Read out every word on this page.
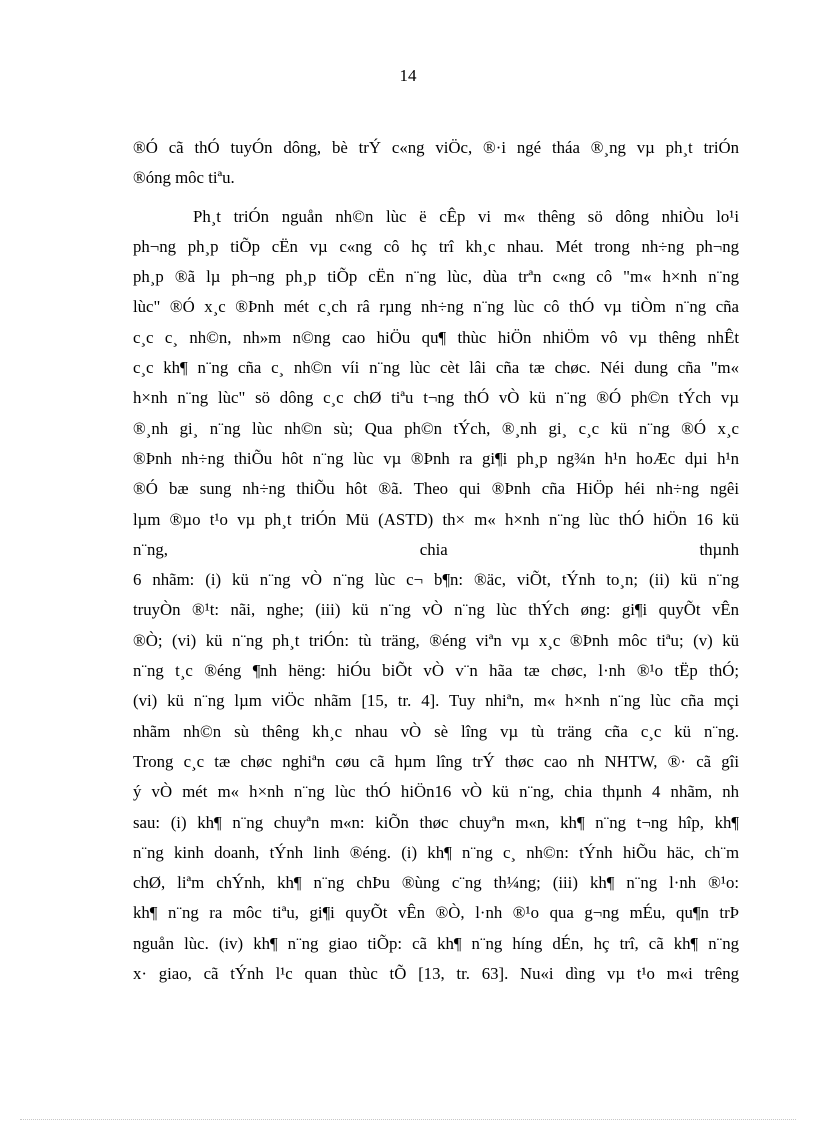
14
®Ó cã thÓ tuyÓn dông, bè trÝ c«ng viÖc, ®·i ngé tháa ®¸ng vµ ph¸t triÓn
®óng môc tiªu.
Ph¸t triÓn nguån nh©n lùc ë cÊp vi m« thêng sö dông nhiÒu lo¹i
ph¬ng ph¸p tiÕp cËn vµ c«ng cô hç trî kh¸c nhau. Mét trong nh÷ng ph¬ng
ph¸p ®ã lµ ph¬ng ph¸p tiÕp cËn n¨ng lùc, dùa trªn c«ng cô "m« h×nh n¨ng
lùc" ®Ó x¸c ®Þnh mét c¸ch râ rµng nh÷ng n¨ng lùc cô thÓ vµ tiÒm n¨ng cña
c¸c c¸ nh©n, nh»m n©ng cao hiÖu qu¶ thùc hiÖn nhiÖm vô vµ thêng nhÊt
c¸c kh¶ n¨ng cña c¸ nh©n víi n¨ng lùc cèt lâi cña tæ chøc. Néi dung cña "m«
h×nh n¨ng lùc" sö dông c¸c chØ tiªu t¬ng thÓ vÒ kü n¨ng ®Ó ph©n tÝch vµ
®¸nh gi¸ n¨ng lùc nh©n sù; Qua ph©n tÝch, ®¸nh gi¸ c¸c kü n¨ng ®Ó x¸c
®Þnh nh÷ng thiÕu hôt n¨ng lùc vµ ®Þnh ra gi¶i ph¸p ng¾n h¹n hoÆc dµi h¹n
®Ó bæ sung nh÷ng thiÕu hôt ®ã. Theo qui ®Þnh cña HiÖp héi nh÷ng ngêi
lµm ®µo t¹o vµ ph¸t triÓn Mü (ASTD) th× m« h×nh n¨ng lùc thÓ hiÖn 16 kü
n¨ng, chia thµnh
6 nhãm: (i) kü n¨ng vÒ n¨ng lùc c¬ b¶n: ®äc, viÕt, tÝnh to¸n; (ii) kü n¨ng
truyÒn ®¹t: nãi, nghe; (iii) kü n¨ng vÒ n¨ng lùc thÝch øng: gi¶i quyÕt vÊn
®Ò; (vi) kü n¨ng ph¸t triÓn: tù träng, ®éng viªn vµ x¸c ®Þnh môc tiªu; (v) kü
n¨ng t¸c ®éng ¶nh hëng: hiÓu biÕt vÒ v¨n hãa tæ chøc, l·nh ®¹o tËp thÓ;
(vi) kü n¨ng lµm viÖc nhãm [15, tr. 4]. Tuy nhiªn, m« h×nh n¨ng lùc cña mçi
nhãm nh©n sù thêng kh¸c nhau vÒ sè lîng vµ tù träng cña c¸c kü n¨ng.
Trong c¸c tæ chøc nghiªn cøu cã hµm lîng trÝ thøc cao nh NHTW, ®· cã gîi
ý vÒ mét m« h×nh n¨ng lùc thÓ hiÖn16 vÒ kü n¨ng, chia thµnh 4 nhãm, nh
sau: (i) kh¶ n¨ng chuyªn m«n: kiÕn thøc chuyªn m«n, kh¶ n¨ng t¬ng hîp, kh¶
n¨ng kinh doanh, tÝnh linh ®éng. (i) kh¶ n¨ng c¸ nh©n: tÝnh hiÕu häc, ch¨m
chØ, liªm chÝnh, kh¶ n¨ng chÞu ®ùng c¨ng th¼ng; (iii) kh¶ n¨ng l·nh ®¹o:
kh¶ n¨ng ra môc tiªu, gi¶i quyÕt vÊn ®Ò, l·nh ®¹o qua g¬ng mÉu, qu¶n trÞ
nguån lùc. (iv) kh¶ n¨ng giao tiÕp: cã kh¶ n¨ng híng dÉn, hç trî, cã kh¶ n¨ng
x· giao, cã tÝnh l¹c quan thùc tÕ [13, tr. 63]. Nu«i dìng vµ t¹o m«i trêng
